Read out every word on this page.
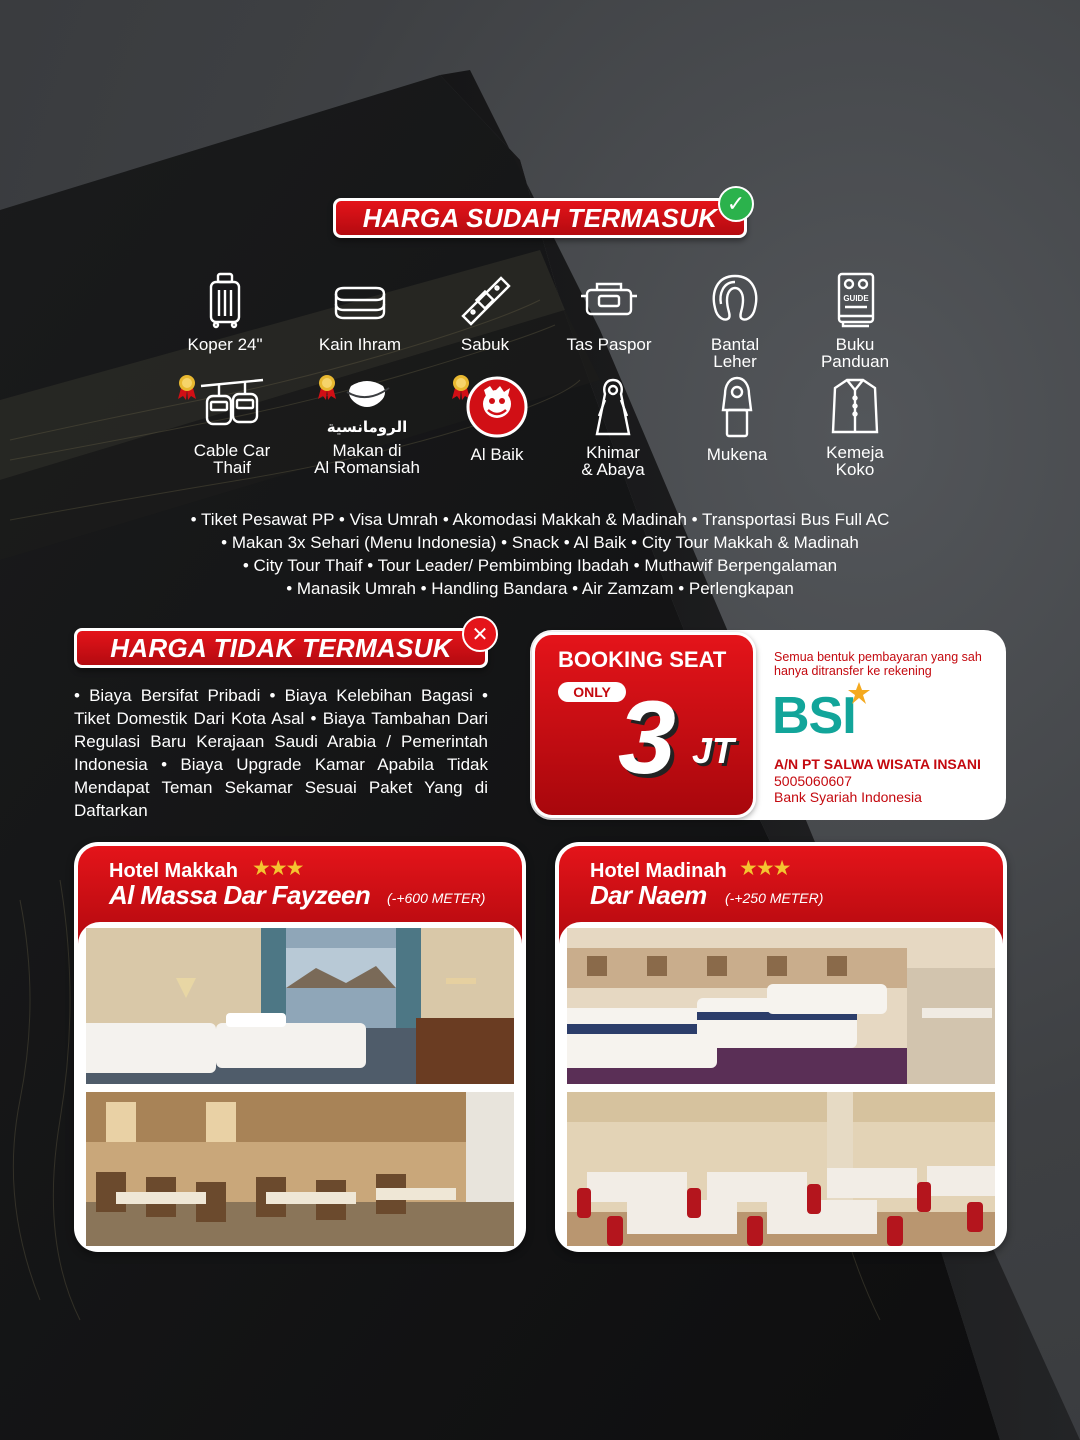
HARGA SUDAH TERMASUK ✓
Koper 24"	Kain Ihram	Sabuk	Tas Paspor	Bantal
Leher
GUIDE
Buku
Panduan
Cable Car
Thaif
الرومانسية
Makan di
Al Romansiah
Al Baik	Khimar
& Abaya
Mukena	Kemeja
Koko
• Tiket Pesawat PP • Visa Umrah • Akomodasi Makkah & Madinah • Transportasi Bus Full AC
• Makan 3x Sehari (Menu Indonesia) • Snack • Al Baik • City Tour Makkah & Madinah
• City Tour Thaif • Tour Leader/ Pembimbing Ibadah • Muthawif Berpengalaman
• Manasik Umrah • Handling Bandara • Air Zamzam • Perlengkapan
HARGA TIDAK TERMASUK ✕
• Biaya Bersifat Pribadi • Biaya Kelebihan Bagasi • Tiket Domestik Dari Kota Asal • Biaya Tambahan Dari Regulasi Baru Kerajaan Saudi Arabia / Pemerintah Indonesia • Biaya Upgrade Kamar Apabila Tidak Mendapat Teman Sekamar Sesuai Paket Yang di Daftarkan
BOOKING SEAT
ONLY 3 JT
Semua bentuk pembayaran yang sah hanya ditransfer ke rekening
BSI
A/N PT SALWA WISATA INSANI
5005060607
Bank Syariah Indonesia
Hotel Makkah ★★★
Al Massa Dar Fayzeen (-+600 METER)
Hotel Madinah ★★★
Dar Naem (-+250 METER)
